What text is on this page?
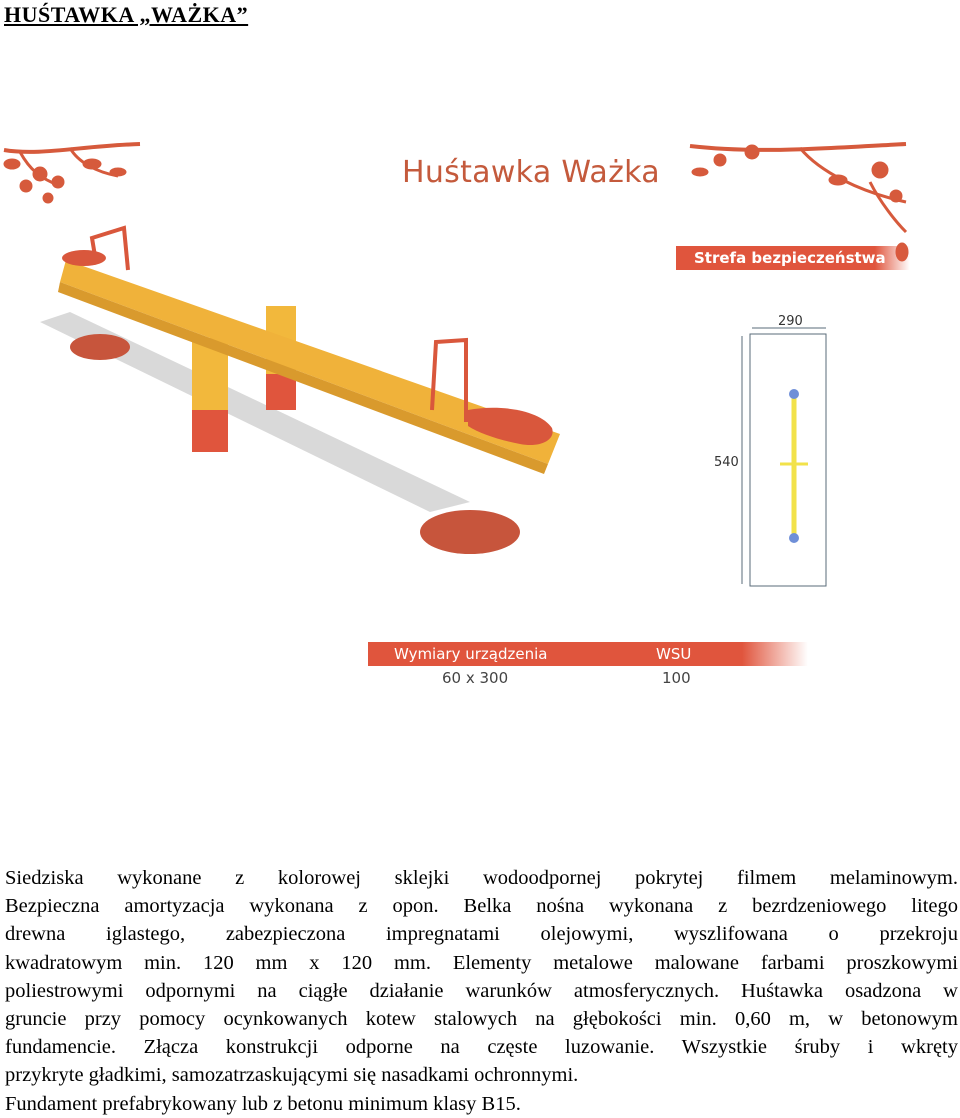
HUŚTAWKA „WAŻKA”
Huśtawka Ważka
Strefa bezpieczeństwa
290
540
Wymiary urządzenia	WSU
60 x 300	100

Siedziska wykonane z kolorowej sklejki wodoodpornej pokrytej filmem melaminowym.
Bezpieczna amortyzacja wykonana z opon. Belka nośna wykonana z bezrdzeniowego litego
drewna iglastego, zabezpieczona impregnatami olejowymi, wyszlifowana o przekroju
kwadratowym min. 120 mm x 120 mm. Elementy metalowe malowane farbami proszkowymi
poliestrowymi odpornymi na ciągłe działanie warunków atmosferycznych. Huśtawka osadzona w
gruncie przy pomocy ocynkowanych kotew stalowych na głębokości min. 0,60 m, w betonowym
fundamencie. Złącza konstrukcji odporne na częste luzowanie. Wszystkie śruby i wkręty
przykryte gładkimi, samozatrzaskującymi się nasadkami ochronnymi.
Fundament prefabrykowany lub z betonu minimum klasy B15.
